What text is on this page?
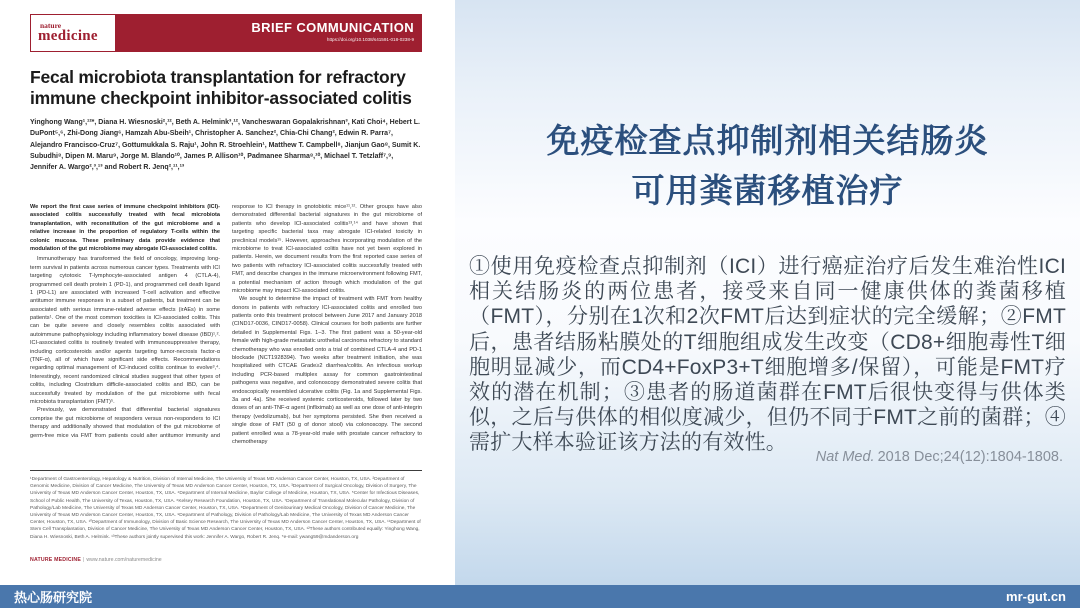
nature
medicine
BRIEF COMMUNICATION
https://doi.org/10.1038/s41591-018-0238-9
Fecal microbiota transplantation for refractory immune checkpoint inhibitor-associated colitis

Yinghong Wang¹,¹²*, Diana H. Wiesnoski²,¹², Beth A. Helmink³,¹², Vancheswaran Gopalakrishnan³, Kati Choi⁴, Hebert L. DuPont⁵,⁶, Zhi-Dong Jiang⁶, Hamzah Abu-Sbeih¹, Christopher A. Sanchez², Chia-Chi Chang², Edwin R. Parra⁷, Alejandro Francisco-Cruz⁷, Gottumukkala S. Raju¹, John R. Stroehlein¹, Matthew T. Campbell⁸, Jianjun Gao⁸, Sumit K. Subudhi⁸, Dipen M. Maru⁹, Jorge M. Blando¹⁰, James P. Allison¹⁰, Padmanee Sharma⁸,¹⁰, Michael T. Tetzlaff⁷,⁹, Jennifer A. Wargo²,³,¹³ and Robert R. Jenq²,¹¹,¹³

We report the first case series of immune checkpoint inhibitors (ICI)-associated colitis successfully treated with fecal microbiota transplantation, with reconstitution of the gut microbiome and a relative increase in the proportion of regulatory T-cells within the colonic mucosa. These preliminary data provide evidence that modulation of the gut microbiome may abrogate ICI-associated colitis.

Immunotherapy has transformed the field of oncology, improving long-term survival in patients across numerous cancer types. Treatments with ICI targeting cytotoxic T-lymphocyte-associated antigen 4 (CTLA-4), programmed cell death protein 1 (PD-1), and programmed cell death ligand 1 (PD-L1) are associated with increased T-cell activation and effective antitumor immune responses in a subset of patients, but treatment can be associated with serious immune-related adverse effects (irAEs) in some patients¹. One of the most common toxicities is ICI-associated colitis. This can be quite severe and closely resembles colitis associated with autoimmune pathophysiology including inflammatory bowel disease (IBD)¹,². ICI-associated colitis is routinely treated with immunosuppressive therapy, including corticosteroids and/or agents targeting tumor-necrosis factor-α (TNF-α), all of which have significant side effects. Recommendations regarding optimal management of ICI-induced colitis continue to evolve³,⁴. Interestingly, recent randomized clinical studies suggest that other types of colitis, including Clostridium difficile-associated colitis and IBD, can be successfully treated by modulation of the gut microbiome with fecal microbiota transplantation (FMT)⁵.

Previously, we demonstrated that differential bacterial signatures comprise the gut microbiome of responders versus non-responders to ICI therapy and additionally showed that modulation of the gut microbiome of germ-free mice via FMT from patients could alter antitumor immunity and response to ICI therapy in gnotobiotic mice¹¹,¹². Other groups have also demonstrated differential bacterial signatures in the gut microbiome of patients who develop ICI-associated colitis¹³,¹⁴ and have shown that targeting specific bacterial taxa may abrogate ICI-related toxicity in preclinical models¹⁵. However, approaches incorporating modulation of the microbiome to treat ICI-associated colitis have not yet been explored in patients. Herein, we document results from the first reported case series of two patients with refractory ICI-associated colitis successfully treated with FMT, and describe changes in the immune microenvironment following FMT, a potential mechanism of action through which modulation of the gut microbiome may impact ICI-associated colitis.

We sought to determine the impact of treatment with FMT from healthy donors in patients with refractory ICI-associated colitis and enrolled two patients onto this treatment protocol between June 2017 and January 2018 (CIND17-0036, CIND17-0058). Clinical courses for both patients are further detailed in Supplemental Figs. 1–3. The first patient was a 50-year-old female with high-grade metastatic urothelial carcinoma refractory to standard chemotherapy who was enrolled onto a trial of combined CTLA-4 and PD-1 blockade (NCT1928394). Two weeks after treatment initiation, she was hospitalized with CTCAE Grade≥2 diarrhea/colitis. An infectious workup including PCR-based multiplex assay for common gastrointestinal pathogens was negative, and colonoscopy demonstrated severe colitis that endoscopically resembled ulcerative colitis (Fig. 1a and Supplemental Figs. 3a and 4a). She received systemic corticosteroids, followed later by two doses of an anti-TNF-α agent (infliximab) as well as one dose of anti-integrin therapy (vedolizumab), but her symptoms persisted. She then received a single dose of FMT (50 g of donor stool) via colonoscopy. The second patient enrolled was a 78-year-old male with prostate cancer refractory to chemotherapy

¹Department of Gastroenterology, Hepatology & Nutrition, Division of Internal Medicine, The University of Texas MD Anderson Cancer Center, Houston, TX, USA. ²Department of Genomic Medicine, Division of Cancer Medicine, The University of Texas MD Anderson Cancer Center, Houston, TX, USA. ³Department of Surgical Oncology, Division of Surgery, The University of Texas MD Anderson Cancer Center, Houston, TX, USA. ⁴Department of Internal Medicine, Baylor College of Medicine, Houston, TX, USA. ⁵Center for Infectious Diseases, School of Public Health, The University of Texas, Houston, TX, USA. ⁶Kelsey Research Foundation, Houston, TX, USA. ⁷Department of Translational Molecular Pathology, Division of Pathology/Lab Medicine, The University of Texas MD Anderson Cancer Center, Houston, TX, USA. ⁸Department of Genitourinary Medical Oncology, Division of Cancer Medicine, The University of Texas MD Anderson Cancer Center, Houston, TX, USA. ⁹Department of Pathology, Division of Pathology/Lab Medicine, The University of Texas MD Anderson Cancer Center, Houston, TX, USA. ¹⁰Department of Immunology, Division of Basic Science Research, The University of Texas MD Anderson Cancer Center, Houston, TX, USA. ¹¹Department of Stem Cell Transplantation, Division of Cancer Medicine, The University of Texas MD Anderson Cancer Center, Houston, TX, USA. ¹²These authors contributed equally: Yinghong Wang, Diana H. Wiesnoski, Beth A. Helmink. ¹³These authors jointly supervised this work: Jennifer A. Wargo, Robert R. Jenq. *e-mail: ywang59@mdanderson.org

NATURE MEDICINE | www.nature.com/naturemedicine

免疫检查点抑制剂相关结肠炎
可用粪菌移植治疗

①使用免疫检查点抑制剂（ICI）进行癌症治疗后发生难治性ICI相关结肠炎的两位患者，接受来自同一健康供体的粪菌移植（FMT），分别在1次和2次FMT后达到症状的完全缓解；②FMT后，患者结肠粘膜处的T细胞组成发生改变（CD8+细胞毒性T细胞明显减少，而CD4+FoxP3+T细胞增多/保留），可能是FMT疗效的潜在机制；③患者的肠道菌群在FMT后很快变得与供体类似，之后与供体的相似度减少，但仍不同于FMT之前的菌群；④需扩大样本验证该方法的有效性。

Nat Med. 2018 Dec;24(12):1804-1808.

热心肠研究院	mr-gut.cn
